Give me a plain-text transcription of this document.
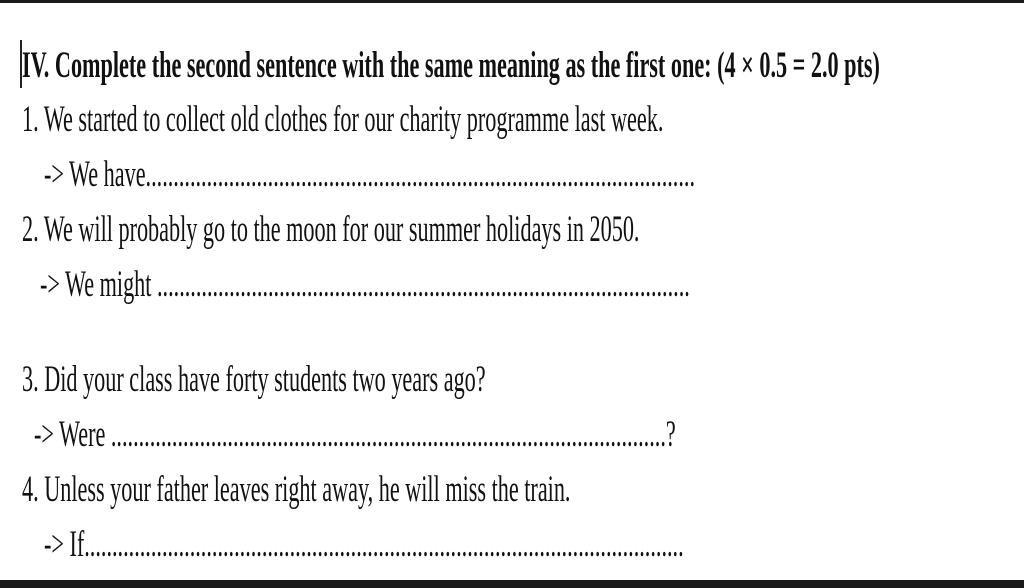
IV. Complete the second sentence with the same meaning as the first one: (4 × 0.5 = 2.0 pts)
1. We started to collect old clothes for our charity programme last week.
-> We have...................................................................................................
2. We will probably go to the moon for our summer holidays in 2050.
-> We might ................................................................................................
3. Did your class have forty students two years ago?
-> Were ....................................................................................................?
4. Unless your father leaves right away, he will miss the train.
-> If............................................................................................................
